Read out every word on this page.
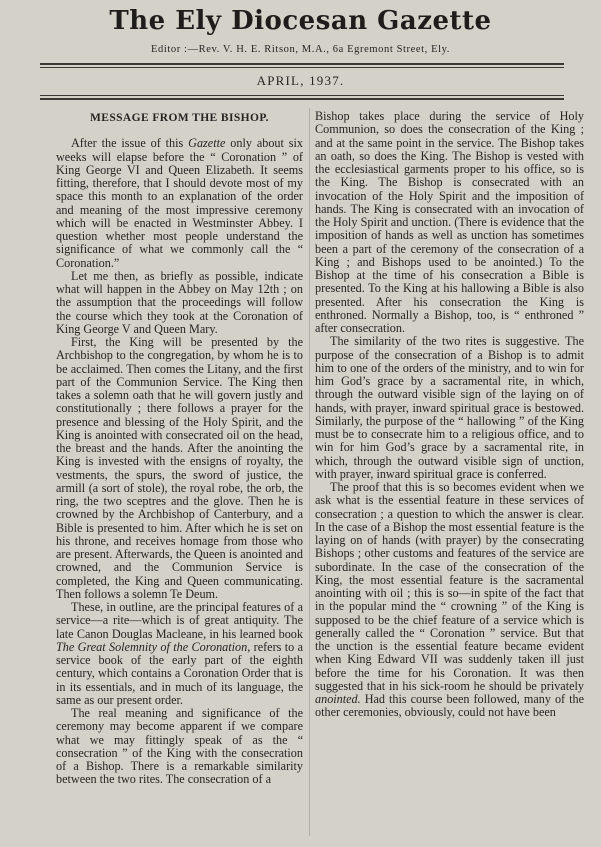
The Ely Diocesan Gazette
Editor :—Rev. V. H. E. Ritson, M.A., 6a Egremont Street, Ely.
APRIL, 1937.
MESSAGE FROM THE BISHOP.

After the issue of this Gazette only about six weeks will elapse before the “ Coronation ” of King George VI and Queen Elizabeth. It seems fitting, therefore, that I should devote most of my space this month to an explanation of the order and meaning of the most impressive ceremony which will be enacted in Westminster Abbey. I question whether most people understand the significance of what we commonly call the “ Coronation.”

Let me then, as briefly as possible, indicate what will happen in the Abbey on May 12th ; on the assumption that the proceedings will follow the course which they took at the Coronation of King George V and Queen Mary.

First, the King will be presented by the Archbishop to the congregation, by whom he is to be acclaimed. Then comes the Litany, and the first part of the Communion Service. The King then takes a solemn oath that he will govern justly and constitutionally ; there follows a prayer for the presence and blessing of the Holy Spirit, and the King is anointed with consecrated oil on the head, the breast and the hands. After the anointing the King is invested with the ensigns of royalty, the vestments, the spurs, the sword of justice, the armill (a sort of stole), the royal robe, the orb, the ring, the two sceptres and the glove. Then he is crowned by the Archbishop of Canterbury, and a Bible is presented to him. After which he is set on his throne, and receives homage from those who are present. Afterwards, the Queen is anointed and crowned, and the Communion Service is completed, the King and Queen communicating. Then follows a solemn Te Deum.

These, in outline, are the principal features of a service—a rite—which is of great antiquity. The late Canon Douglas Macleane, in his learned book The Great Solemnity of the Coronation, refers to a service book of the early part of the eighth century, which contains a Coronation Order that is in its essentials, and in much of its language, the same as our present order.

The real meaning and significance of the ceremony may become apparent if we compare what we may fittingly speak of as the “ consecration ” of the King with the consecration of a Bishop. There is a remarkable similarity between the two rites. The consecration of a

Bishop takes place during the service of Holy Communion, so does the consecration of the King ; and at the same point in the service. The Bishop takes an oath, so does the King. The Bishop is vested with the ecclesiastical garments proper to his office, so is the King. The Bishop is consecrated with an invocation of the Holy Spirit and the imposition of hands. The King is consecrated with an invocation of the Holy Spirit and unction. (There is evidence that the imposition of hands as well as unction has sometimes been a part of the ceremony of the consecration of a King ; and Bishops used to be anointed.) To the Bishop at the time of his consecration a Bible is presented. To the King at his hallowing a Bible is also presented. After his consecration the King is enthroned. Normally a Bishop, too, is “ enthroned ” after consecration.

The similarity of the two rites is suggestive. The purpose of the consecration of a Bishop is to admit him to one of the orders of the ministry, and to win for him God’s grace by a sacramental rite, in which, through the outward visible sign of the laying on of hands, with prayer, inward spiritual grace is bestowed. Similarly, the purpose of the “ hallowing ” of the King must be to consecrate him to a religious office, and to win for him God’s grace by a sacramental rite, in which, through the outward visible sign of unction, with prayer, inward spiritual grace is conferred.

The proof that this is so becomes evident when we ask what is the essential feature in these services of consecration ; a question to which the answer is clear. In the case of a Bishop the most essential feature is the laying on of hands (with prayer) by the consecrating Bishops ; other customs and features of the service are subordinate. In the case of the consecration of the King, the most essential feature is the sacramental anointing with oil ; this is so—in spite of the fact that in the popular mind the “ crowning ” of the King is supposed to be the chief feature of a service which is generally called the “ Coronation ” service. But that the unction is the essential feature became evident when King Edward VII was suddenly taken ill just before the time for his Coronation. It was then suggested that in his sick-room he should be privately anointed. Had this course been followed, many of the other ceremonies, obviously, could not have been
